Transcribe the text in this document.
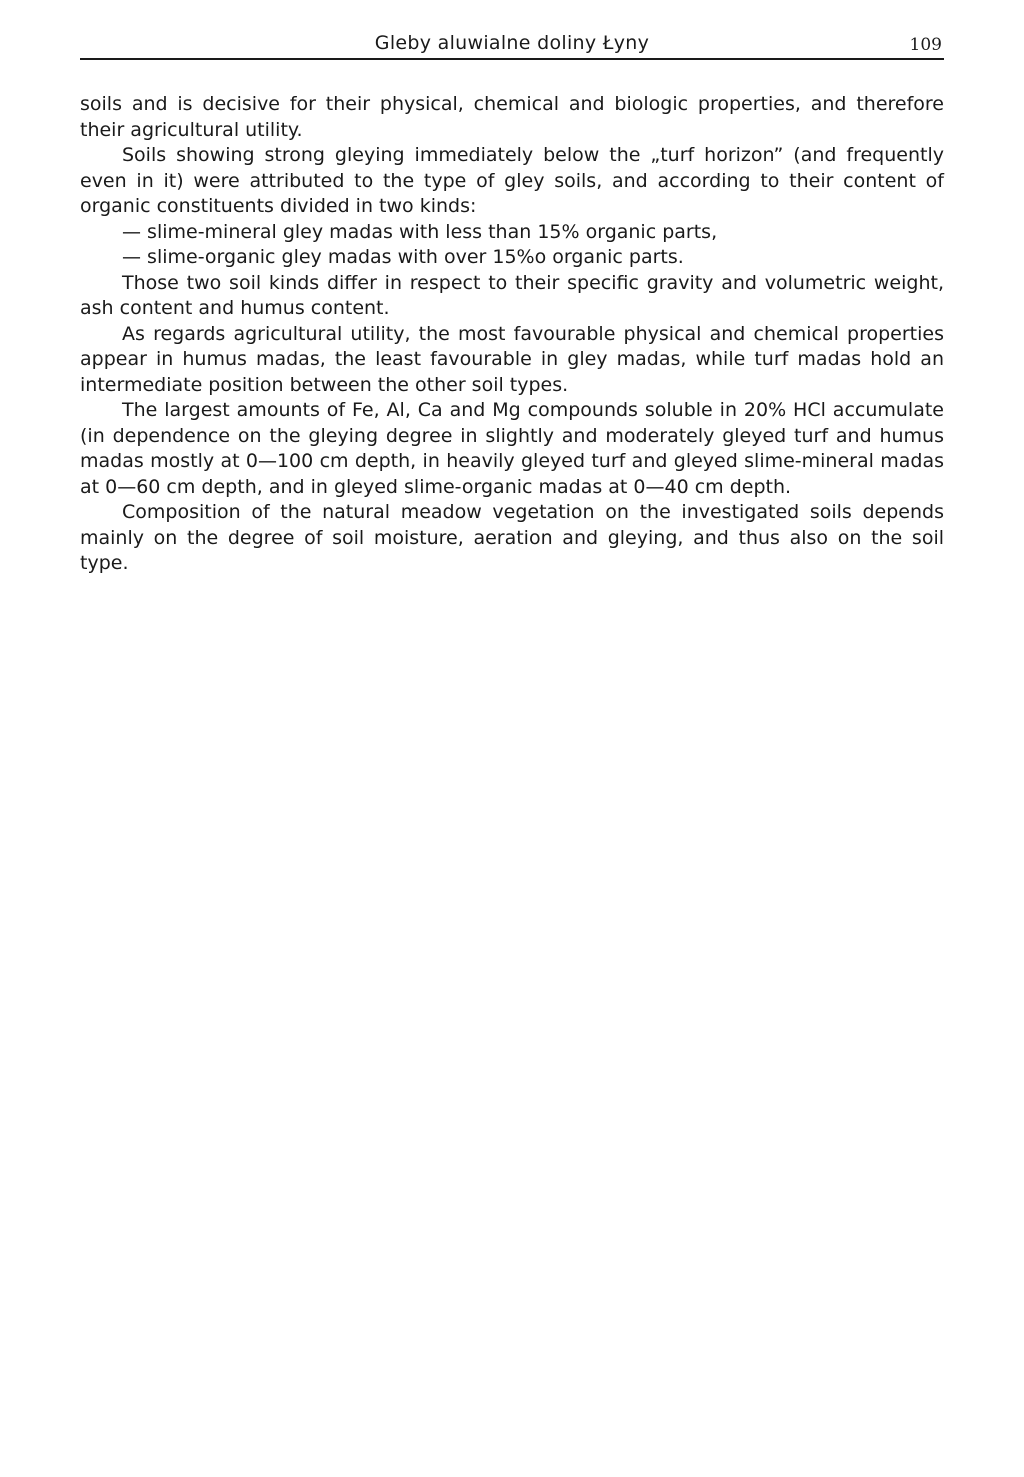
Gleby aluwialne doliny Łyny	109

soils and is decisive for their physical, chemical and biologic properties, and therefore their agricultural utility.

Soils showing strong gleying immediately below the „turf horizon” (and frequently even in it) were attributed to the type of gley soils, and according to their content of organic constituents divided in two kinds:

— slime-mineral gley madas with less than 15% organic parts,

— slime-organic gley madas with over 15%o organic parts.

Those two soil kinds differ in respect to their specific gravity and volumetric weight, ash content and humus content.

As regards agricultural utility, the most favourable physical and chemical properties appear in humus madas, the least favourable in gley madas, while turf madas hold an intermediate position between the other soil types.

The largest amounts of Fe, Al, Ca and Mg compounds soluble in 20% HCl accumulate (in dependence on the gleying degree in slightly and moderately gleyed turf and humus madas mostly at 0—100 cm depth, in heavily gleyed turf and gleyed slime-mineral madas at 0—60 cm depth, and in gleyed slime-organic madas at 0—40 cm depth.

Composition of the natural meadow vegetation on the investigated soils depends mainly on the degree of soil moisture, aeration and gleying, and thus also on the soil type.
